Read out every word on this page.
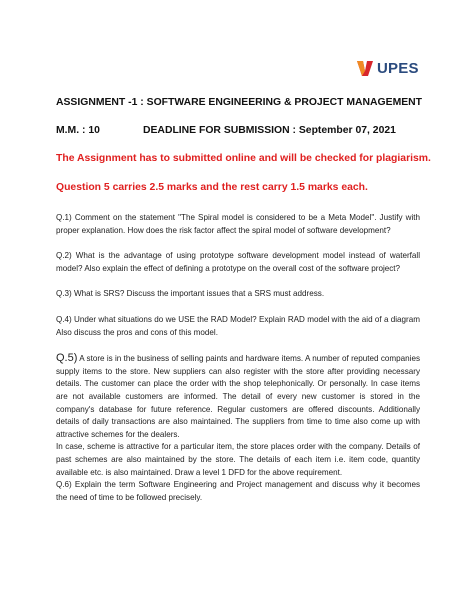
UPES
ASSIGNMENT -1 : SOFTWARE ENGINEERING & PROJECT MANAGEMENT
M.M. : 10	DEADLINE FOR SUBMISSION : September 07, 2021
The Assignment has to submitted online and will be checked for plagiarism.
Question 5 carries 2.5 marks and the rest carry 1.5 marks each.
Q.1) Comment on the statement "The Spiral model is considered to be a Meta Model". Justify with proper explanation. How does the risk factor affect the spiral model of software development?
Q.2) What is the advantage of using prototype software development model instead of waterfall model? Also explain the effect of defining a prototype on the overall cost of the software project?
Q.3) What is SRS? Discuss the important issues that a SRS must address.
Q.4) Under what situations do we USE the RAD Model? Explain RAD model with the aid of a diagram Also discuss the pros and cons of this model.
Q.5) A store is in the business of selling paints and hardware items. A number of reputed companies supply items to the store. New suppliers can also register with the store after providing necessary details. The customer can place the order with the shop telephonically. Or personally. In case items are not available customers are informed. The detail of every new customer is stored in the company's database for future reference. Regular customers are offered discounts. Additionally details of daily transactions are also maintained. The suppliers from time to time also come up with attractive schemes for the dealers.
In case, scheme is attractive for a particular item, the store places order with the company. Details of past schemes are also maintained by the store. The details of each item i.e. item code, quantity available etc. is also maintained. Draw a level 1 DFD for the above requirement.
Q.6) Explain the term Software Engineering and Project management and discuss why it becomes the need of time to be followed precisely.
